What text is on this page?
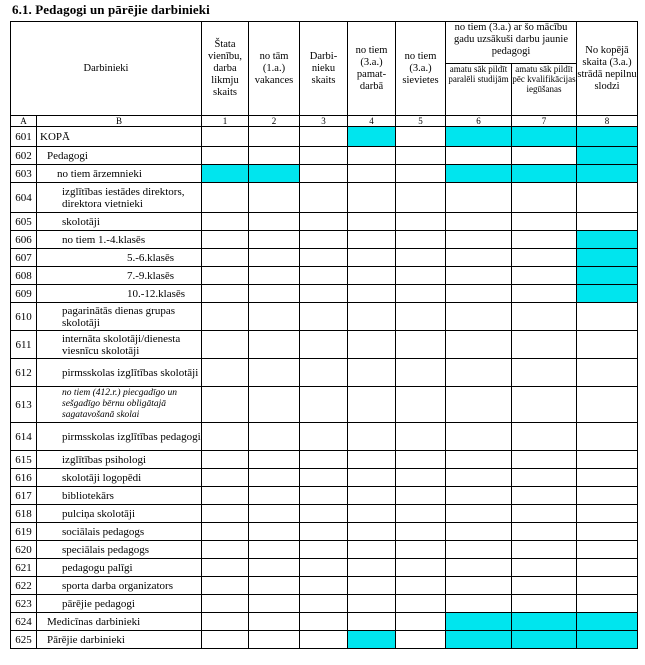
6.1. Pedagogi un pārējie darbinieki
Darbinieki		Štata vienību, darba likmju skaits	no tām (1.a.) vakances	Darbi-nieku skaits	no tiem (3.a.) pamat-darbā	no tiem (3.a.) sievietes	no tiem (3.a.) ar šo mācību gadu uzsākuši darbu jaunie pedagogi		No kopējā skaita (3.a.) strādā nepilnu slodzi
							amatu sāk pildīt paralēli studijām	amatu sāk pildīt pēc kvalifikācijas iegūšanas	
A	B	1	2	3	4	5	6	7	8
601	KOPĀ								
602	Pedagogi								
603	no tiem ārzemnieki								
604	izglītības iestādes direktors, direktora vietnieki								
605	skolotāji								
606	no tiem 1.-4.klasēs								
607	5.-6.klasēs								
608	7.-9.klasēs								
609	10.-12.klasēs								
610	pagarinātās dienas grupas skolotāji								
611	internāta skolotāji/dienesta viesnīcu skolotāji								
612	pirmsskolas izglītības skolotāji								
613	no tiem (412.r.) piecgadīgo un sešgadīgo bērnu obligātajā sagatavošanā skolai								
614	pirmsskolas izglītības pedagogi								
615	izglītības psihologi								
616	skolotāji logopēdi								
617	bibliotekārs								
618	pulciņa skolotāji								
619	sociālais pedagogs								
620	speciālais pedagogs								
621	pedagogu palīgi								
622	sporta darba organizators								
623	pārējie pedagogi								
624	Medicīnas darbinieki								
625	Pārējie darbinieki								
